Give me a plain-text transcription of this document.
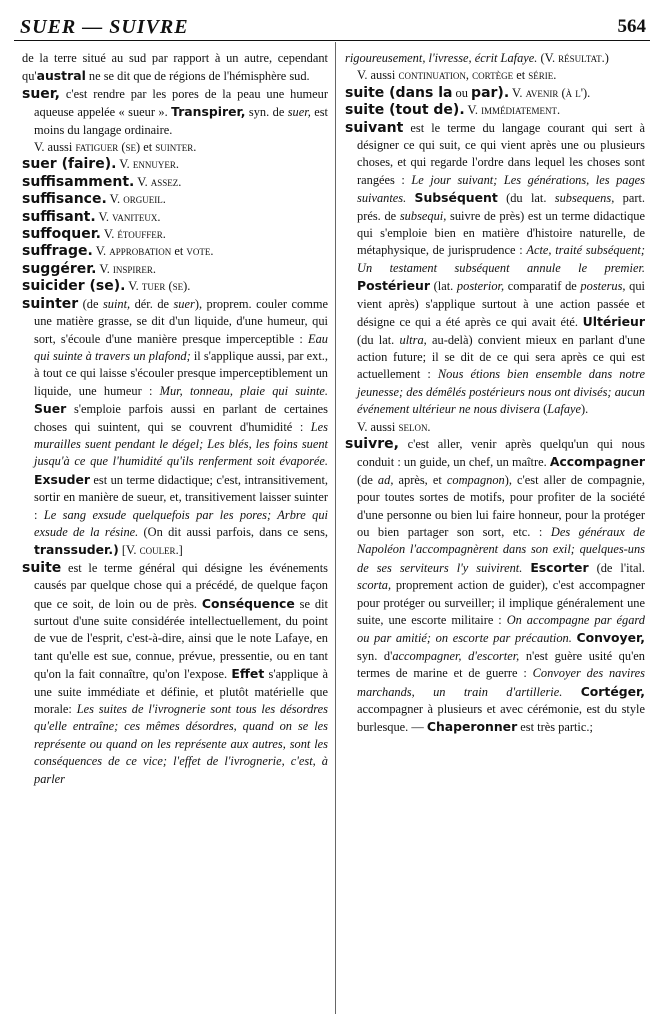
SUER — SUIVRE	564

de la terre situé au sud par rapport à un autre, cependant qu'austral ne se dit que de régions de l'hémisphère sud.

suer, c'est rendre par les pores de la peau une humeur aqueuse appelée « sueur ». Transpirer, syn. de suer, est moins du langage ordinaire.

V. aussi fatiguer (se) et suinter.

suer (faire). V. ennuyer.

suffisamment. V. assez.

suffisance. V. orgueil.

suffisant. V. vaniteux.

suffoquer. V. étouffer.

suffrage. V. approbation et vote.

suggérer. V. inspirer.

suicider (se). V. tuer (se).

suinter (de suint, dér. de suer), proprem. couler comme une matière grasse, se dit d'un liquide, d'une humeur, qui sort, s'écoule d'une manière presque imperceptible : Eau qui suinte à travers un plafond; il s'applique aussi, par ext., à tout ce qui laisse s'écouler presque imperceptiblement un liquide, une humeur : Mur, tonneau, plaie qui suinte. Suer s'emploie parfois aussi en parlant de certaines choses qui suintent, qui se couvrent d'humidité : Les murailles suent pendant le dégel; Les blés, les foins suent jusqu'à ce que l'humidité qu'ils renferment soit évaporée. Exsuder est un terme didactique; c'est, intransitivement, sortir en manière de sueur, et, transitivement laisser suinter : Le sang exsude quelquefois par les pores; Arbre qui exsude de la résine. (On dit aussi parfois, dans ce sens, transsuder.) [V. couler.]

suite est le terme général qui désigne les événements causés par quelque chose qui a précédé, de quelque façon que ce soit, de loin ou de près. Conséquence se dit surtout d'une suite considérée intellectuellement, du point de vue de l'esprit, c'est-à-dire, ainsi que le note Lafaye, en tant qu'elle est sue, connue, prévue, pressentie, ou en tant qu'on la fait connaître, qu'on l'expose. Effet s'applique à une suite immédiate et définie, et plutôt matérielle que morale: Les suites de l'ivrognerie sont tous les désordres qu'elle entraîne; ces mêmes désordres, quand on se les représente ou quand on les représente aux autres, sont les conséquences de ce vice; l'effet de l'ivrognerie, c'est, à parler

rigoureusement, l'ivresse, écrit Lafaye. (V. résultat.)

V. aussi continuation, cortège et série.

suite (dans la ou par). V. avenir (à l').

suite (tout de). V. immédiatement.

suivant est le terme du langage courant qui sert à désigner ce qui suit, ce qui vient après une ou plusieurs choses, et qui regarde l'ordre dans lequel les choses sont rangées : Le jour suivant; Les générations, les pages suivantes. Subséquent (du lat. subsequens, part. prés. de subsequi, suivre de près) est un terme didactique qui s'emploie bien en matière d'histoire naturelle, de métaphysique, de jurisprudence : Acte, traité subséquent; Un testament subséquent annule le premier. Postérieur (lat. posterior, comparatif de posterus, qui vient après) s'applique surtout à une action passée et désigne ce qui a été après ce qui avait été. Ultérieur (du lat. ultra, au-delà) convient mieux en parlant d'une action future; il se dit de ce qui sera après ce qui est actuellement : Nous étions bien ensemble dans notre jeunesse; des démêlés postérieurs nous ont divisés; aucun événement ultérieur ne nous divisera (Lafaye).

V. aussi selon.

suivre, c'est aller, venir après quelqu'un qui nous conduit : un guide, un chef, un maître. Accompagner (de ad, après, et compagnon), c'est aller de compagnie, pour toutes sortes de motifs, pour profiter de la société d'une personne ou bien lui faire honneur, pour la protéger ou bien partager son sort, etc. : Des généraux de Napoléon l'accompagnèrent dans son exil; quelques-uns de ses serviteurs l'y suivirent. Escorter (de l'ital. scorta, proprement action de guider), c'est accompagner pour protéger ou surveiller; il implique généralement une suite, une escorte militaire : On accompagne par égard ou par amitié; on escorte par précaution. Convoyer, syn. d'accompagner, d'escorter, n'est guère usité qu'en termes de marine et de guerre : Convoyer des navires marchands, un train d'artillerie. Cortéger, accompagner à plusieurs et avec cérémonie, est du style burlesque. — Chaperonner est très partic.;
